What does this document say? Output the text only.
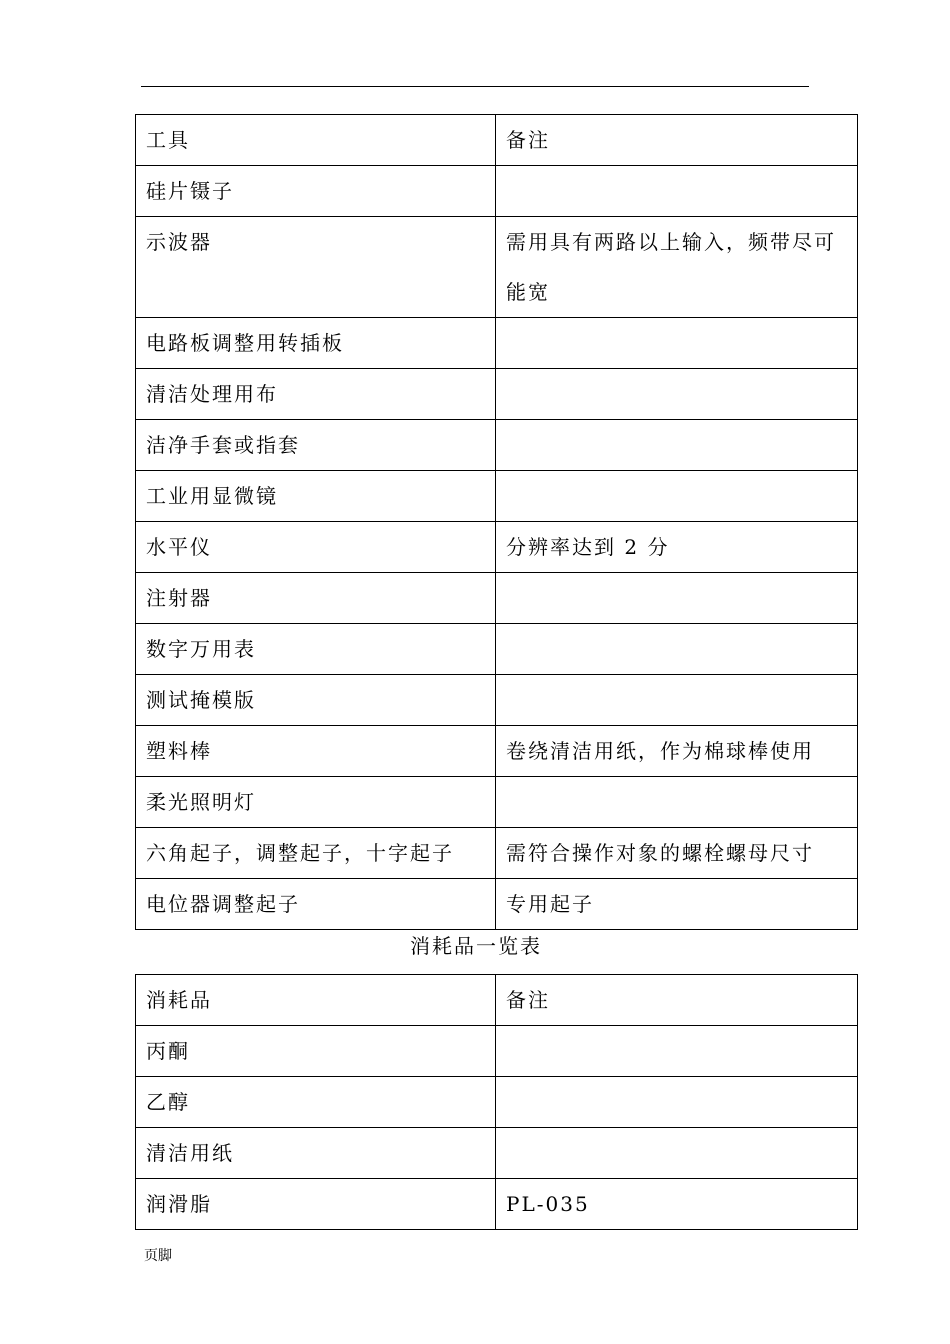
工具	备注
硅片镊子	
示波器	需用具有两路以上输入，频带尽可能宽
电路板调整用转插板	
清洁处理用布	
洁净手套或指套	
工业用显微镜	
水平仪	分辨率达到 2 分
注射器	
数字万用表	
测试掩模版	
塑料棒	卷绕清洁用纸，作为棉球棒使用
柔光照明灯	
六角起子，调整起子，十字起子	需符合操作对象的螺栓螺母尺寸
电位器调整起子	专用起子
消耗品一览表
消耗品	备注
丙酮	
乙醇	
清洁用纸	
润滑脂	PL-035
页脚
